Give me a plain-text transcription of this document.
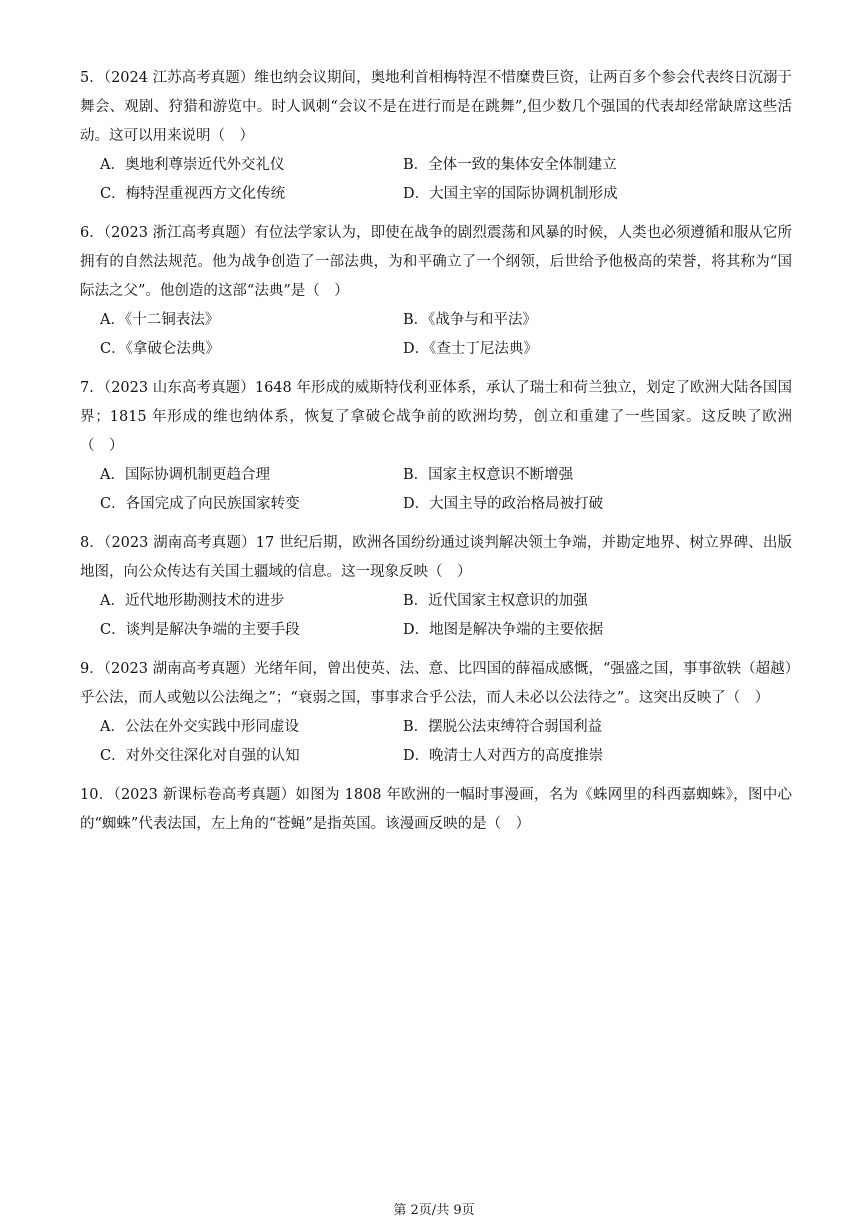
5．（2024 江苏高考真题）维也纳会议期间，奥地利首相梅特涅不惜糜费巨资，让两百多个参会代表终日沉溺于舞会、观剧、狩猎和游览中。时人讽刺“会议不是在进行而是在跳舞”,但少数几个强国的代表却经常缺席这些活动。这可以用来说明（　）

A．奥地利尊崇近代外交礼仪	B．全体一致的集体安全体制建立
C．梅特涅重视西方文化传统	D．大国主宰的国际协调机制形成

6．（2023 浙江高考真题）有位法学家认为，即使在战争的剧烈震荡和风暴的时候，人类也必须遵循和服从它所拥有的自然法规范。他为战争创造了一部法典，为和平确立了一个纲领，后世给予他极高的荣誉，将其称为“国际法之父”。他创造的这部“法典”是（　）

A．《十二铜表法》	B．《战争与和平法》
C．《拿破仑法典》	D．《查士丁尼法典》

7．（2023 山东高考真题）1648 年形成的威斯特伐利亚体系，承认了瑞士和荷兰独立，划定了欧洲大陆各国国界；1815 年形成的维也纳体系，恢复了拿破仑战争前的欧洲均势，创立和重建了一些国家。这反映了欧洲（　）

A．国际协调机制更趋合理	B．国家主权意识不断增强
C．各国完成了向民族国家转变	D．大国主导的政治格局被打破

8．（2023 湖南高考真题）17 世纪后期，欧洲各国纷纷通过谈判解决领土争端，并勘定地界、树立界碑、出版地图，向公众传达有关国土疆域的信息。这一现象反映（　）

A．近代地形勘测技术的进步	B．近代国家主权意识的加强
C．谈判是解决争端的主要手段	D．地图是解决争端的主要依据

9．（2023 湖南高考真题）光绪年间，曾出使英、法、意、比四国的薛福成感慨，“强盛之国，事事欲轶（超越）乎公法，而人或勉以公法绳之”；“衰弱之国，事事求合乎公法，而人未必以公法待之”。这突出反映了（　）

A．公法在外交实践中形同虚设	B．摆脱公法束缚符合弱国利益
C．对外交往深化对自强的认知	D．晚清士人对西方的高度推崇

10．（2023 新课标卷高考真题）如图为 1808 年欧洲的一幅时事漫画，名为《蛛网里的科西嘉蜘蛛》，图中心的“蜘蛛”代表法国，左上角的“苍蝇”是指英国。该漫画反映的是（　）

第 2页/共 9页
